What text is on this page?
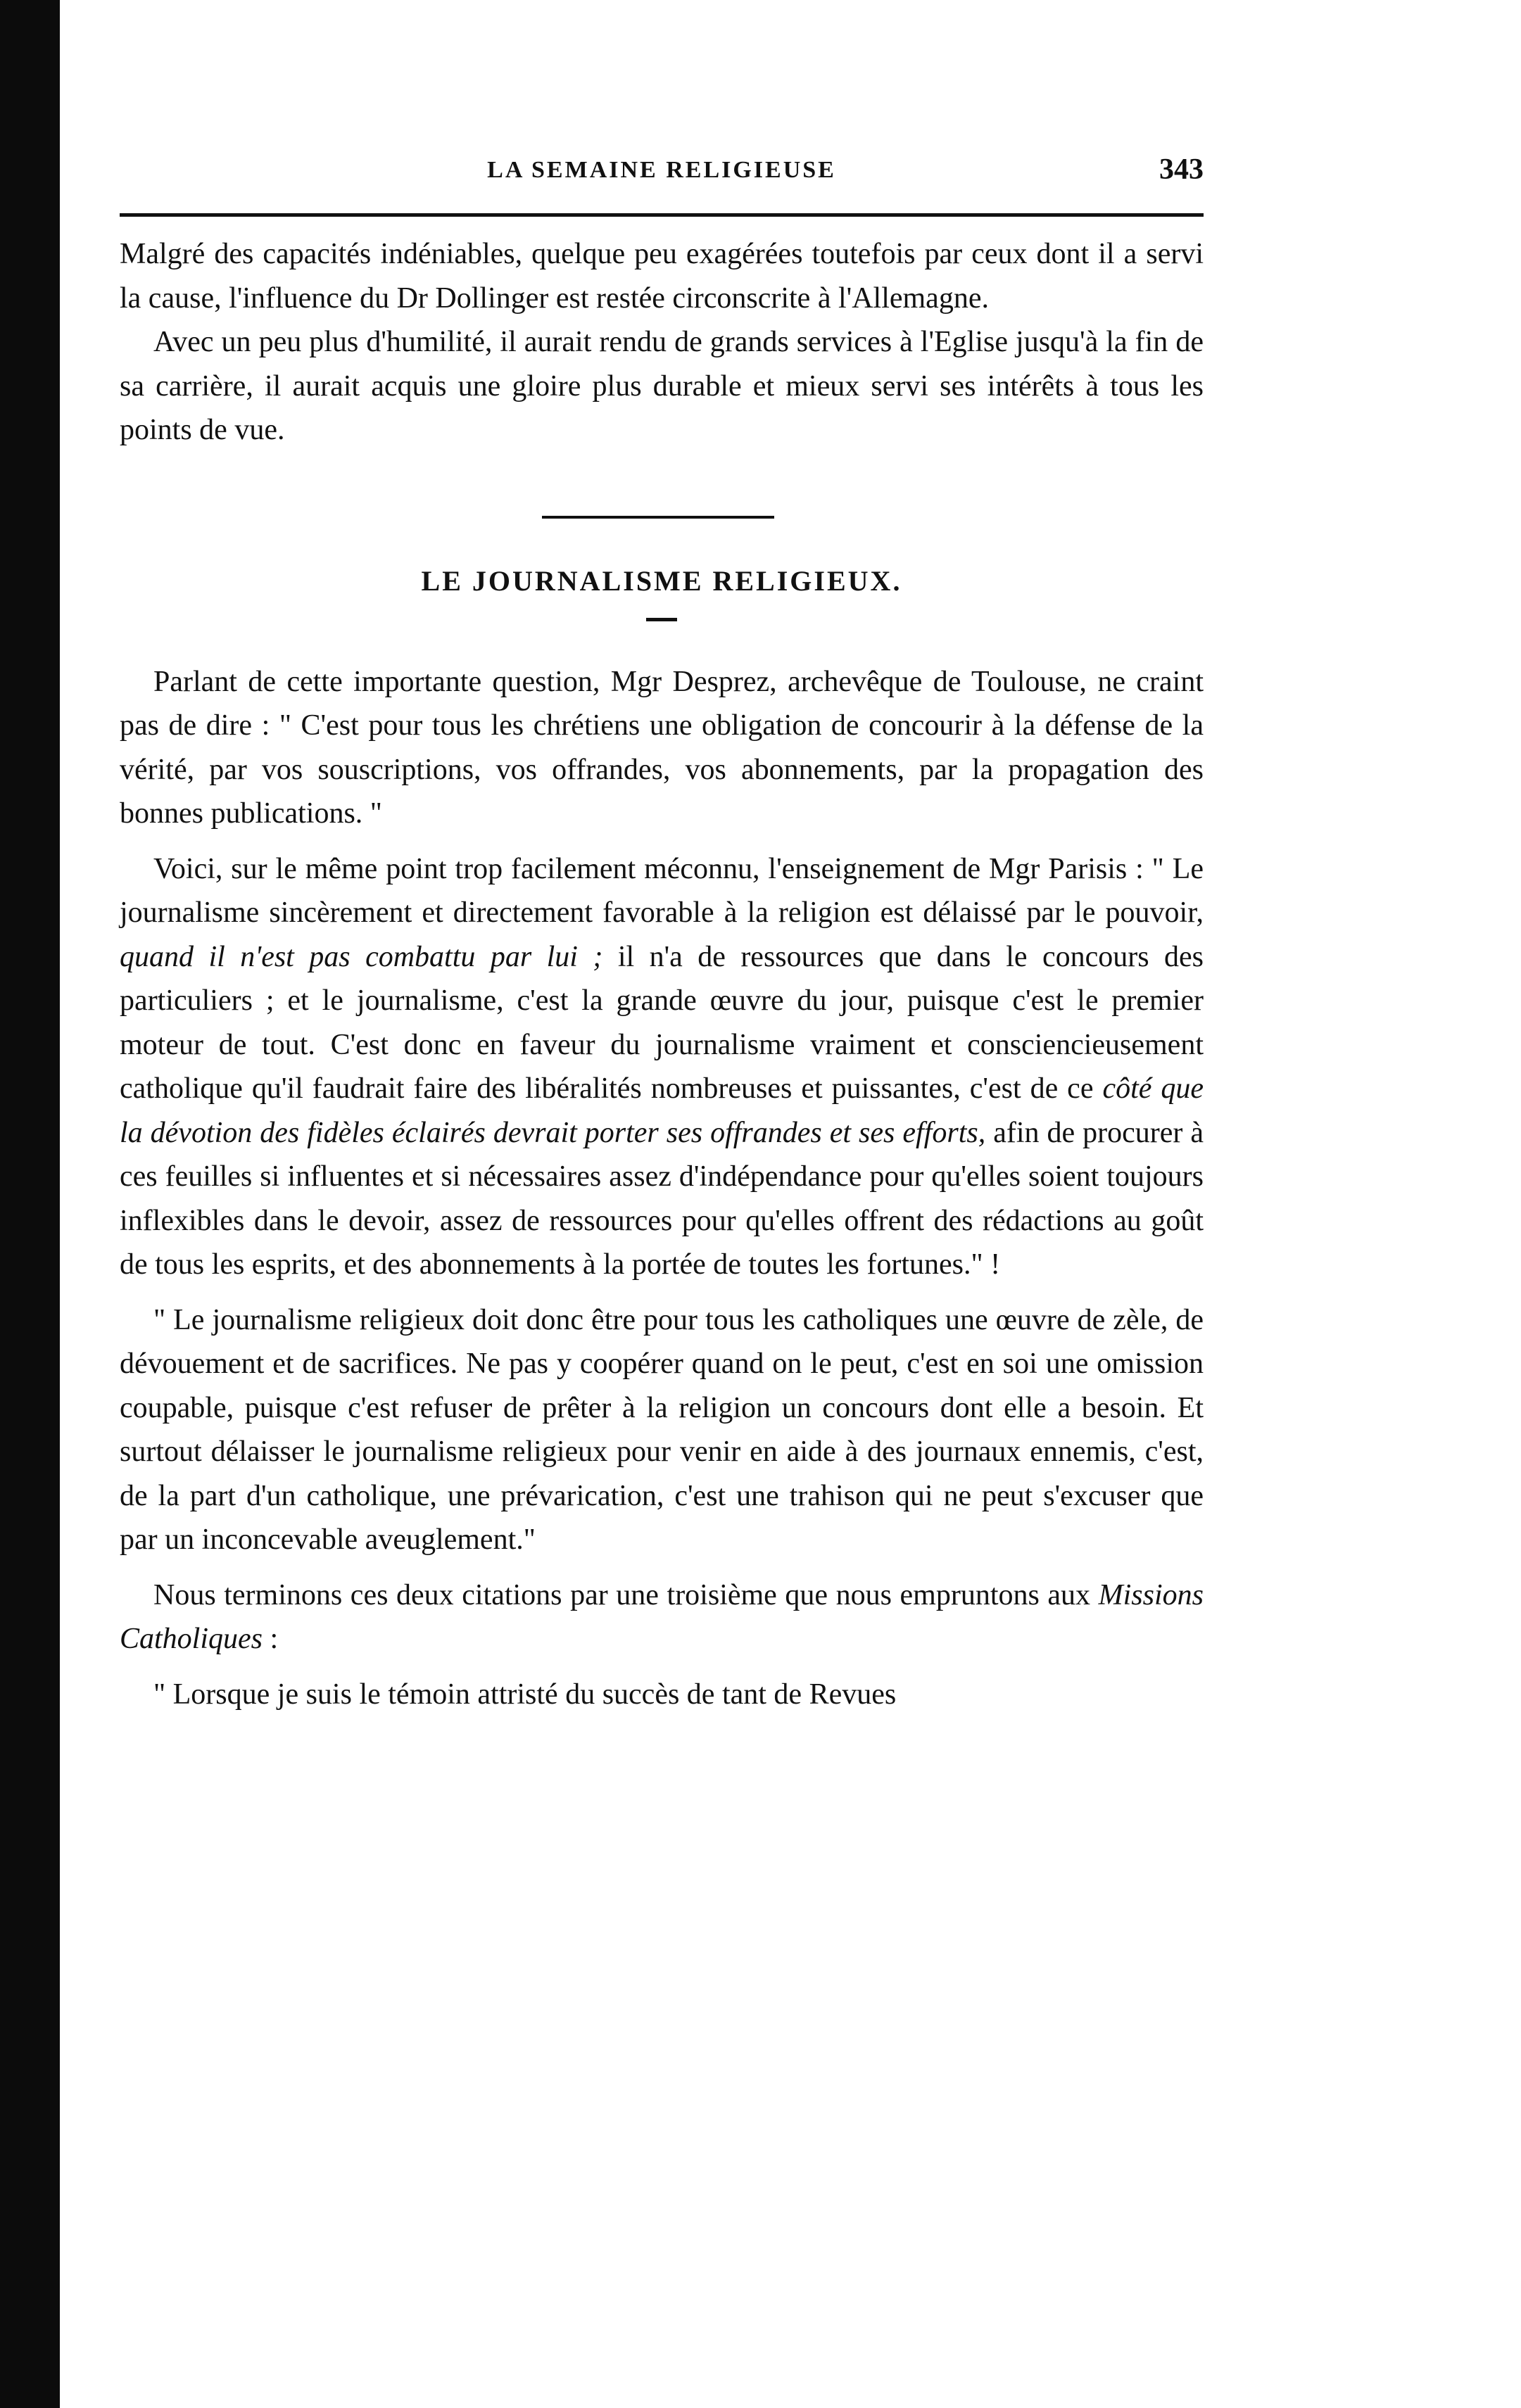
LA SEMAINE RELIGIEUSE	343

Malgré des capacités indéniables, quelque peu exagérées toutefois par ceux dont il a servi la cause, l'influence du Dr Dollinger est restée circonscrite à l'Allemagne.

Avec un peu plus d'humilité, il aurait rendu de grands services à l'Eglise jusqu'à la fin de sa carrière, il aurait acquis une gloire plus durable et mieux servi ses intérêts à tous les points de vue.

LE JOURNALISME RELIGIEUX.

Parlant de cette importante question, Mgr Desprez, archevêque de Toulouse, ne craint pas de dire : " C'est pour tous les chrétiens une obligation de concourir à la défense de la vérité, par vos souscriptions, vos offrandes, vos abonnements, par la propagation des bonnes publications. "

Voici, sur le même point trop facilement méconnu, l'enseignement de Mgr Parisis : " Le journalisme sincèrement et directement favorable à la religion est délaissé par le pouvoir, quand il n'est pas combattu par lui ; il n'a de ressources que dans le concours des particuliers ; et le journalisme, c'est la grande œuvre du jour, puisque c'est le premier moteur de tout. C'est donc en faveur du journalisme vraiment et consciencieusement catholique qu'il faudrait faire des libéralités nombreuses et puissantes, c'est de ce côté que la dévotion des fidèles éclairés devrait porter ses offrandes et ses efforts, afin de procurer à ces feuilles si influentes et si nécessaires assez d'indépendance pour qu'elles soient toujours inflexibles dans le devoir, assez de ressources pour qu'elles offrent des rédactions au goût de tous les esprits, et des abonnements à la portée de toutes les fortunes." !

" Le journalisme religieux doit donc être pour tous les catholiques une œuvre de zèle, de dévouement et de sacrifices. Ne pas y coopérer quand on le peut, c'est en soi une omission coupable, puisque c'est refuser de prêter à la religion un concours dont elle a besoin. Et surtout délaisser le journalisme religieux pour venir en aide à des journaux ennemis, c'est, de la part d'un catholique, une prévarication, c'est une trahison qui ne peut s'excuser que par un inconcevable aveuglement."

Nous terminons ces deux citations par une troisième que nous empruntons aux Missions Catholiques :

" Lorsque je suis le témoin attristé du succès de tant de Revues
